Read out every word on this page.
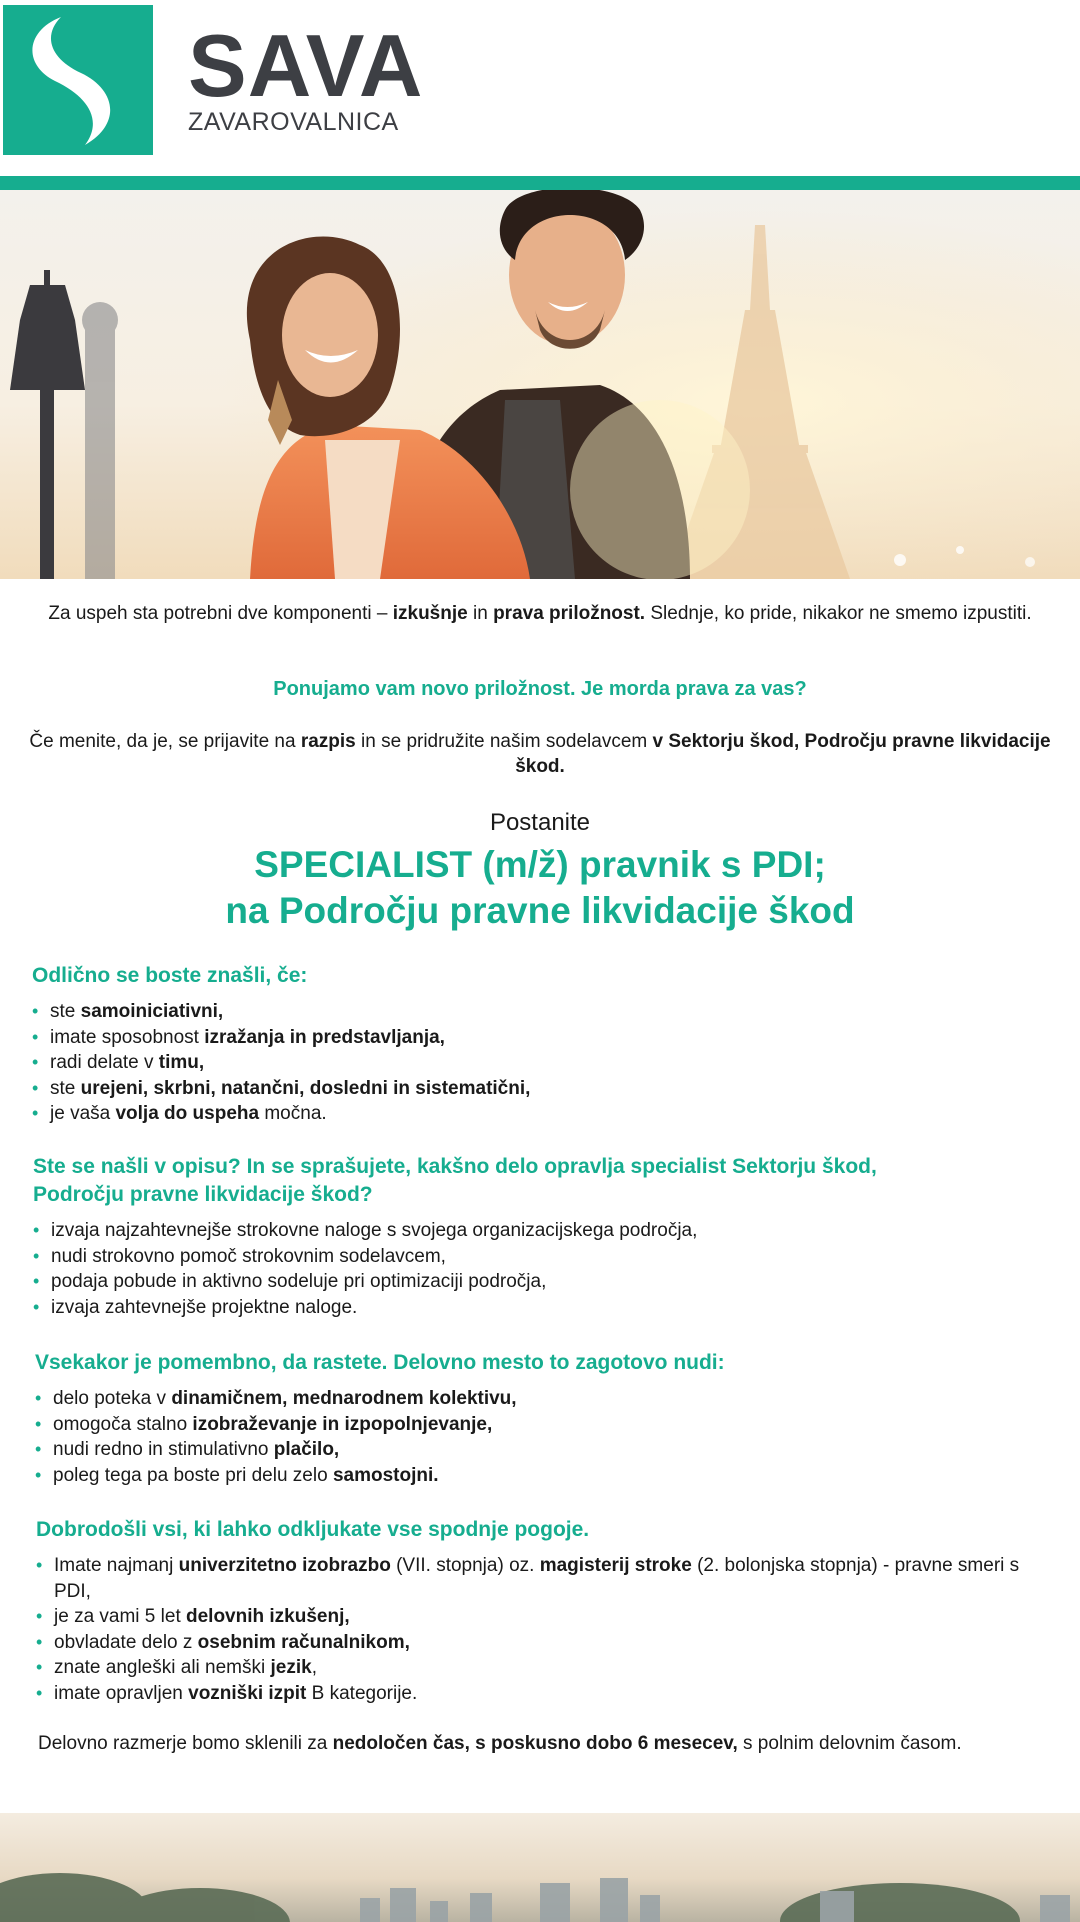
SAVA
ZAVAROVALNICA

Za uspeh sta potrebni dve komponenti – izkušnje in prava priložnost. Slednje, ko pride, nikakor ne smemo izpustiti.

Ponujamo vam novo priložnost. Je morda prava za vas?

Če menite, da je, se prijavite na razpis in se pridružite našim sodelavcem v Sektorju škod, Področju pravne likvidacije škod.

Postanite

SPECIALIST (m/ž) pravnik s PDI;
na Področju pravne likvidacije škod
Odlično se boste znašli, če:
• ste samoiniciativni,
• imate sposobnost izražanja in predstavljanja,
• radi delate v timu,
• ste urejeni, skrbni, natančni, dosledni in sistematični,
• je vaša volja do uspeha močna.
Ste se našli v opisu? In se sprašujete, kakšno delo opravlja specialist Sektorju škod,
Področju pravne likvidacije škod?
• izvaja najzahtevnejše strokovne naloge s svojega organizacijskega področja,
• nudi strokovno pomoč strokovnim sodelavcem,
• podaja pobude in aktivno sodeluje pri optimizaciji področja,
• izvaja zahtevnejše projektne naloge.
Vsekakor je pomembno, da rastete. Delovno mesto to zagotovo nudi:
• delo poteka v dinamičnem, mednarodnem kolektivu,
• omogoča stalno izobraževanje in izpopolnjevanje,
• nudi redno in stimulativno plačilo,
• poleg tega pa boste pri delu zelo samostojni.
Dobrodošli vsi, ki lahko odkljukate vse spodnje pogoje.
• Imate najmanj univerzitetno izobrazbo (VII. stopnja) oz. magisterij stroke (2. bolonjska stopnja) - pravne smeri s PDI,
• je za vami 5 let delovnih izkušenj,
• obvladate delo z osebnim računalnikom,
• znate angleški ali nemški jezik,
• imate opravljen vozniški izpit B kategorije.

Delovno razmerje bomo sklenili za nedoločen čas, s poskusno dobo 6 mesecev, s polnim delovnim časom.
